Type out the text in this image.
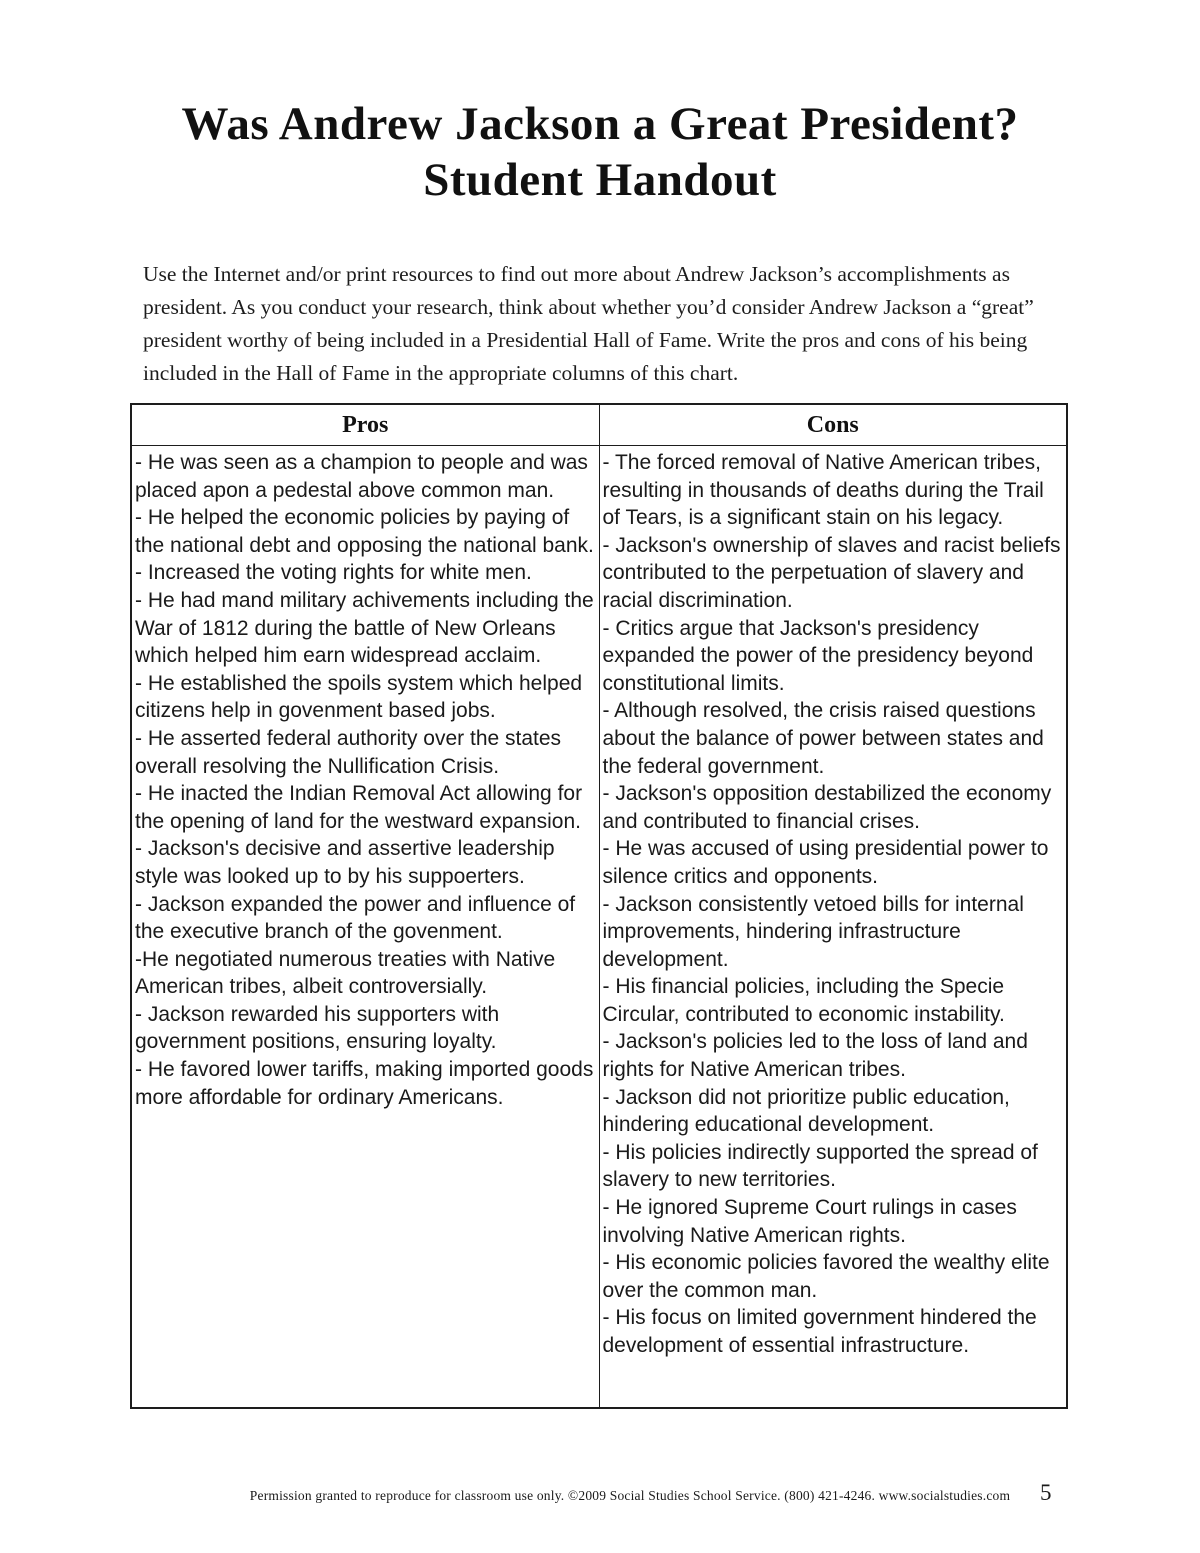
Was Andrew Jackson a Great President?
Student Handout

Use the Internet and/or print resources to find out more about Andrew Jackson’s accomplishments as president. As you conduct your research, think about whether you’d consider Andrew Jackson a “great” president worthy of being included in a Presidential Hall of Fame. Write the pros and cons of his being included in the Hall of Fame in the appropriate columns of this chart.

Pros	Cons

- He was seen as a champion to people and was placed apon a pedestal above common man.
- He helped the economic policies by paying of the national debt and opposing the national bank.
- Increased the voting rights for white men.
- He had mand military achivements including the War of 1812 during the battle of New Orleans which helped him earn widespread acclaim.
- He established the spoils system which helped citizens help in govenment based jobs.
- He asserted federal authority over the states overall resolving the Nullification Crisis.
- He inacted the Indian Removal Act allowing for the opening of land for the westward expansion.
- Jackson's decisive and assertive leadership style was looked up to by his suppoerters.
- Jackson expanded the power and influence of the executive branch of the govenment.
-He negotiated numerous treaties with Native American tribes, albeit controversially.
- Jackson rewarded his supporters with government positions, ensuring loyalty.
- He favored lower tariffs, making imported goods more affordable for ordinary Americans.

- The forced removal of Native American tribes, resulting in thousands of deaths during the Trail of Tears, is a significant stain on his legacy.
- Jackson's ownership of slaves and racist beliefs contributed to the perpetuation of slavery and racial discrimination.
- Critics argue that Jackson's presidency expanded the power of the presidency beyond constitutional limits.
- Although resolved, the crisis raised questions about the balance of power between states and the federal government.
- Jackson's opposition destabilized the economy and contributed to financial crises.
- He was accused of using presidential power to silence critics and opponents.
- Jackson consistently vetoed bills for internal improvements, hindering infrastructure development.
- His financial policies, including the Specie Circular, contributed to economic instability.
- Jackson's policies led to the loss of land and rights for Native American tribes.
- Jackson did not prioritize public education, hindering educational development.
- His policies indirectly supported the spread of slavery to new territories.
- He ignored Supreme Court rulings in cases involving Native American rights.
- His economic policies favored the wealthy elite over the common man.
- His focus on limited government hindered the development of essential infrastructure.
Permission granted to reproduce for classroom use only. ©2009 Social Studies School Service. (800) 421-4246. www.socialstudies.com	5
